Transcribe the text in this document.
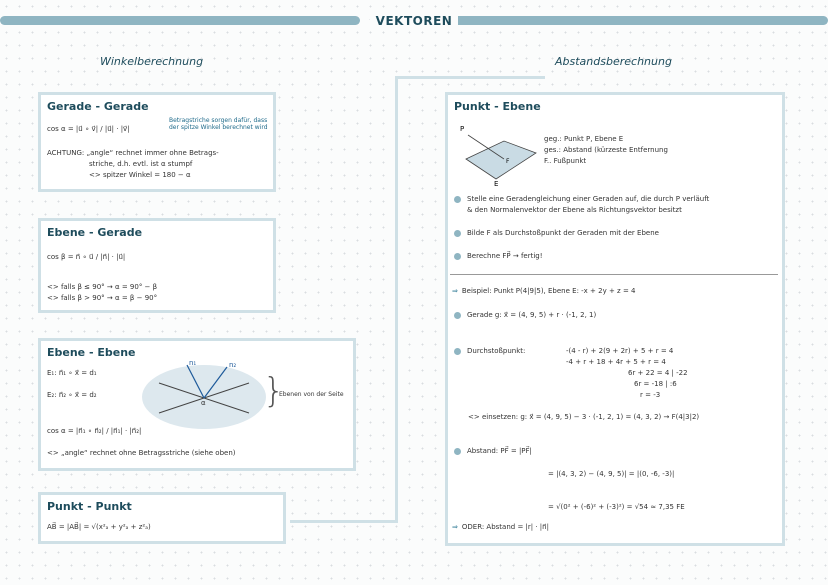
VEKTOREN
Winkelberechnung	Abstandsberechnung
Gerade - Gerade
cos α = |u⃗ ∘ v⃗| / |u⃗| · |v⃗|
Betragstriche sorgen dafür, dass der spitze Winkel berechnet wird
ACHTUNG: „angle“ rechnet immer ohne Betrags-
striche, d.h. evtl. ist α stumpf
<> spitzer Winkel = 180 − α
Ebene - Gerade
cos β = n⃗ ∘ u⃗ / |n⃗| · |u⃗|
<> falls β ≤ 90° → α = 90° − β
<> falls β > 90° → α = β − 90°
Ebene - Ebene
E₁: n⃗₁ ∘ x⃗ = d₁
E₂: n⃗₂ ∘ x⃗ = d₂
cos α = |n⃗₁ ∘ n⃗₂| / |n⃗₁| · |n⃗₂|
<> „angle“ rechnet ohne Betragsstriche (siehe oben)
n₁	n₂
α }
Ebenen von der Seite
Punkt - Punkt
AB⃗ = |AB⃗| = √(x²ₐ + y²ₐ + z²ₐ)
Punkt - Ebene
P
E
F
geg.: Punkt P, Ebene E
ges.: Abstand (kürzeste Entfernung
F.. Fußpunkt
Stelle eine Geradengleichung einer Geraden auf, die durch P verläuft
& den Normalenvektor der Ebene als Richtungsvektor besitzt
Bilde F als Durchstoßpunkt der Geraden mit der Ebene
Berechne FP⃗ → fertig!
⇒ Beispiel: Punkt P(4|9|5), Ebene E: -x + 2y + z = 4
Gerade g: x⃗ = (4, 9, 5) + r · (-1, 2, 1)
Durchstoßpunkt:	-(4 - r) + 2(9 + 2r) + 5 + r = 4
-4 + r + 18 + 4r + 5 + r = 4
6r + 22 = 4 | -22
6r = -18 | :6
r = -3
<> einsetzen: g: x⃗ = (4, 9, 5) − 3 · (-1, 2, 1) = (4, 3, 2) → F(4|3|2)
Abstand: PF⃗ = |PF⃗|
= |(4, 3, 2) − (4, 9, 5)| = |(0, -6, -3)|
= √(0² + (-6)² + (-3)²) = √54 ≈ 7,35 FE
⇒ ODER: Abstand = |r| · |n⃗|
